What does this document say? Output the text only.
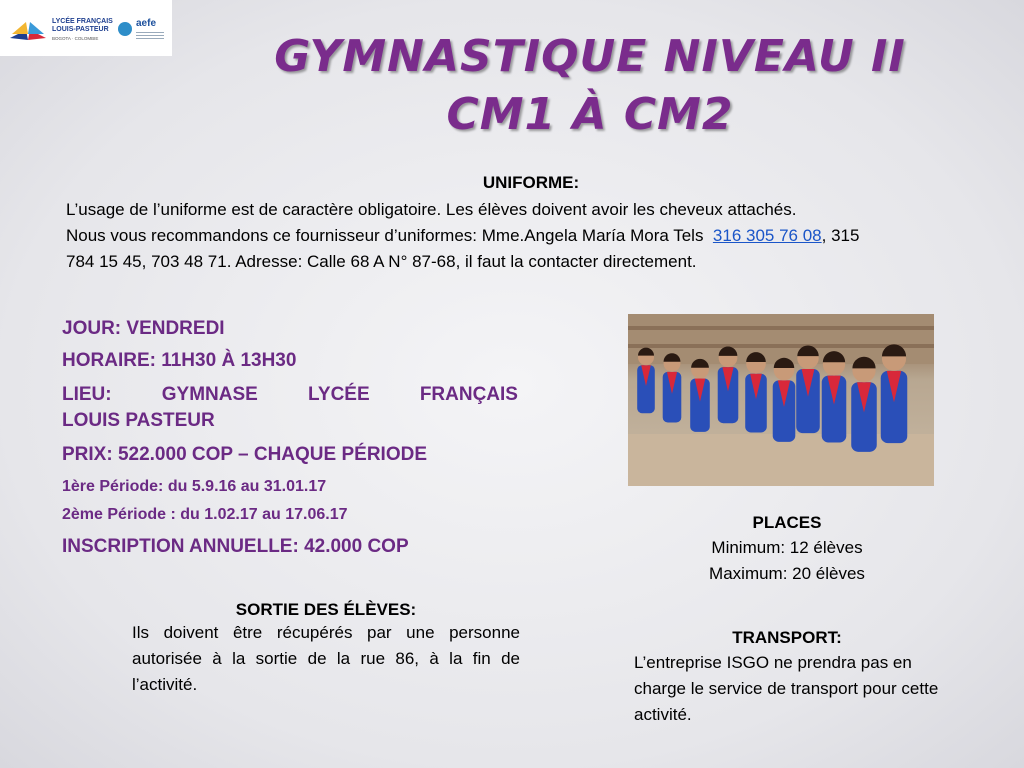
LYCÉE FRANÇAIS
LOUIS-PASTEUR
BOGOTA · COLOMBIE
aefe
GYMNASTIQUE NIVEAU II
CM1 À CM2
UNIFORME:

L’usage de l’uniforme est de caractère obligatoire. Les élèves doivent avoir les cheveux attachés.

Nous vous recommandons ce fournisseur d’uniformes: Mme.Angela María Mora Tels  316 305 76 08, 315

784 15 45, 703 48 71. Adresse: Calle 68 A N° 87-68, il faut la contacter directement.

JOUR: VENDREDI
HORAIRE: 11H30 À 13H30
LIEU:	GYMNASE	LYCÉE	FRANÇAIS
LOUIS PASTEUR
PRIX: 522.000 COP – CHAQUE PÉRIODE
1ère Période: du 5.9.16 au 31.01.17
2ème Période : du 1.02.17 au 17.06.17
INSCRIPTION ANNUELLE: 42.000 COP
PLACES
Minimum: 12 élèves
Maximum: 20 élèves
SORTIE DES ÉLÈVES:

Ils doivent être récupérés par une personne autorisée à la sortie de la rue 86, à la fin de l’activité.

TRANSPORT:
L’entreprise ISGO ne prendra pas en charge le service de transport pour cette activité.
